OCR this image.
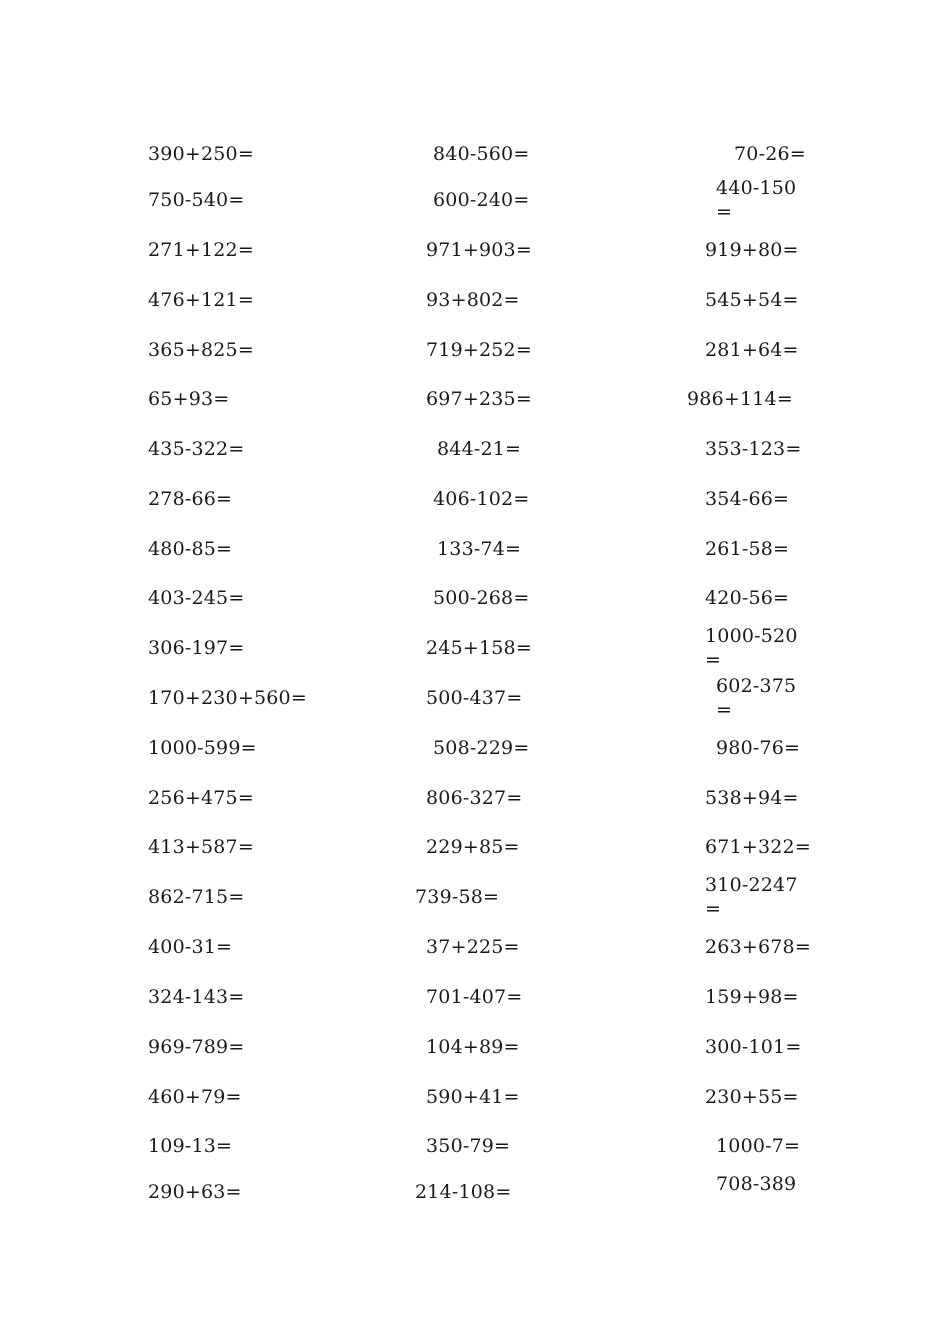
390+250=
750-540=
271+122=
476+121=
365+825=
65+93=
435-322=
278-66=
480-85=
403-245=
306-197=
170+230+560=
1000-599=
256+475=
413+587=
862-715=
400-31=
324-143=
969-789=
460+79=
109-13=
290+63=
840-560=
600-240=
971+903=
93+802=
719+252=
697+235=
844-21=
406-102=
133-74=
500-268=
245+158=
500-437=
508-229=
806-327=
229+85=
739-58=
37+225=
701-407=
104+89=
590+41=
350-79=
214-108=
70-26=
440-150 =
919+80=
545+54=
281+64=
986+114=
353-123=
354-66=
261-58=
420-56=
1000-520 =
602-375 =
980-76=
538+94=
671+322=
310-2247 =
263+678=
159+98=
300-101=
230+55=
1000-7=
708-389
